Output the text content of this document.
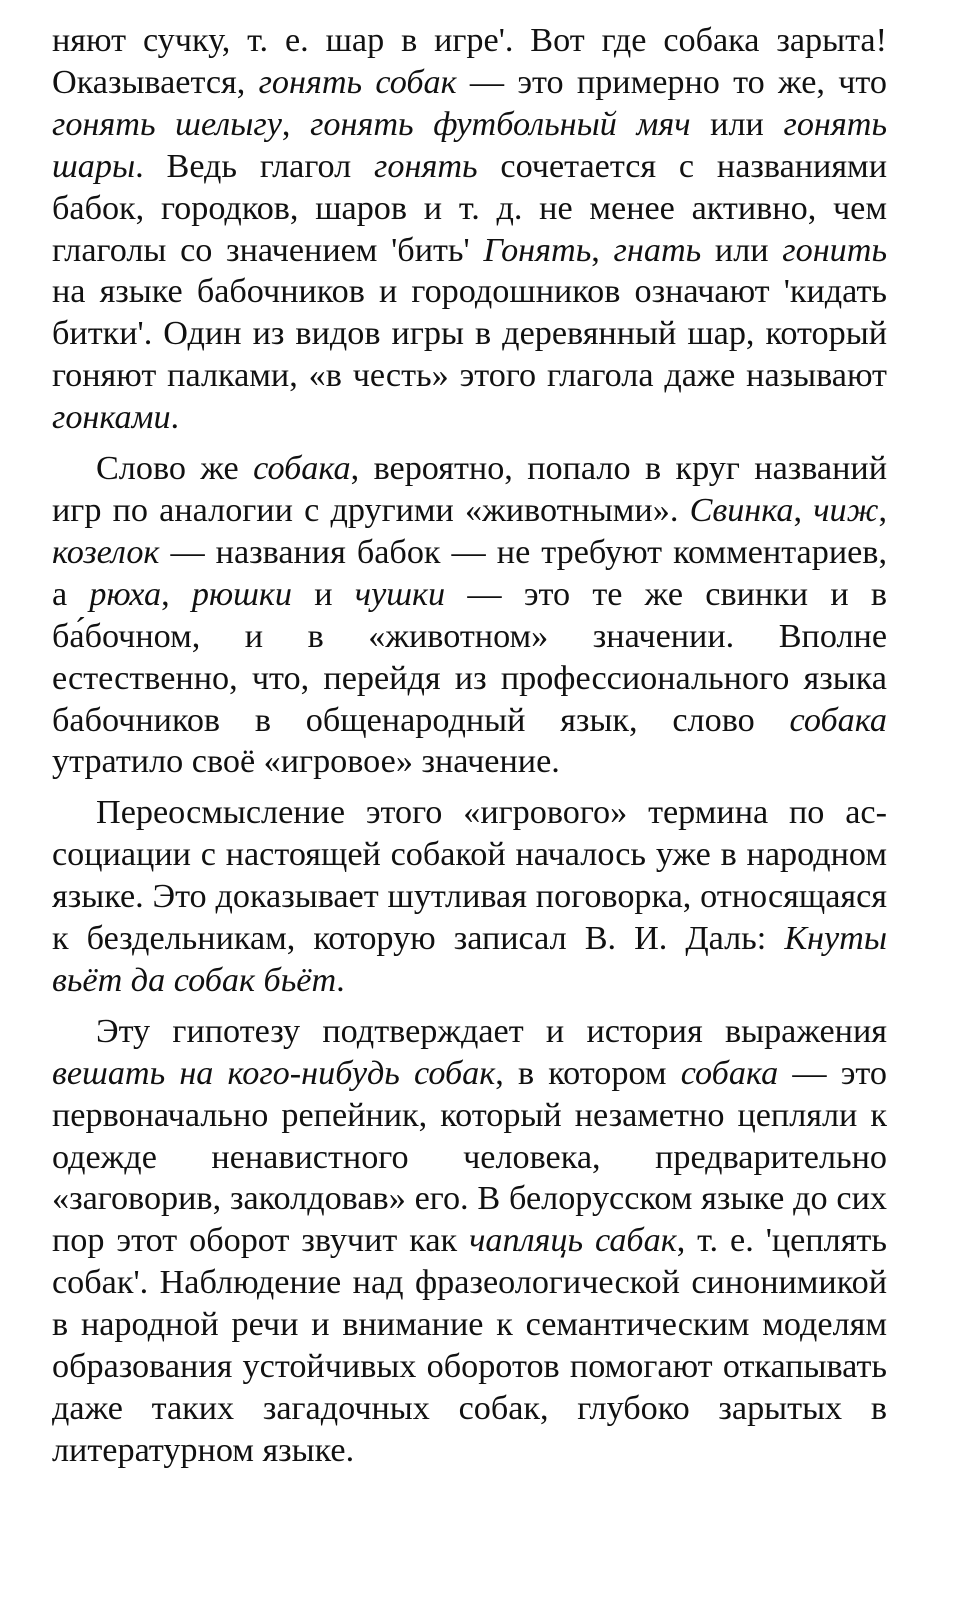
няют сучку, т. е. шар в игре'. Вот где собака зарыта! Оказывается, гонять собак — это примерно то же, что гонять шелыгу, гонять футбольный мяч или гонять шары. Ведь глагол гонять сочетается с названиями бабок, городков, шаров и т. д. не менее активно, чем глаголы со значением 'бить' Гонять, гнать или гонить на языке бабочников и городошников означают 'кидать битки'. Один из видов игры в деревянный шар, который гоняют палками, «в честь» этого глагола даже называют гонками.

Слово же собака, вероятно, попало в круг названий игр по аналогии с другими «животными». Свинка, чиж, козелок — названия бабок — не требуют комментариев, а рюха, рюшки и чушки — это те же свинки и в ба́бочном, и в «животном» значении. Вполне естественно, что, перейдя из профессионального языка бабочников в общенародный язык, слово собака утратило своё «игровое» значение.

Переосмысление этого «игрового» термина по ассоциации с настоящей собакой началось уже в народном языке. Это доказывает шутливая поговорка, относящаяся к бездельникам, которую записал В. И. Даль: Кнуты вьёт да собак бьёт.

Эту гипотезу подтверждает и история выражения вешать на кого-нибудь собак, в котором собака — это первоначально репейник, который незаметно цепляли к одежде ненавистного человека, предварительно «заговорив, заколдовав» его. В белорусском языке до сих пор этот оборот звучит как чапляць сабак, т. е. 'цеплять собак'. Наблюдение над фразеологической синонимикой в народной речи и внимание к семантическим моделям образования устойчивых оборотов помогают откапывать даже таких загадочных собак, глубоко зарытых в литературном языке.
